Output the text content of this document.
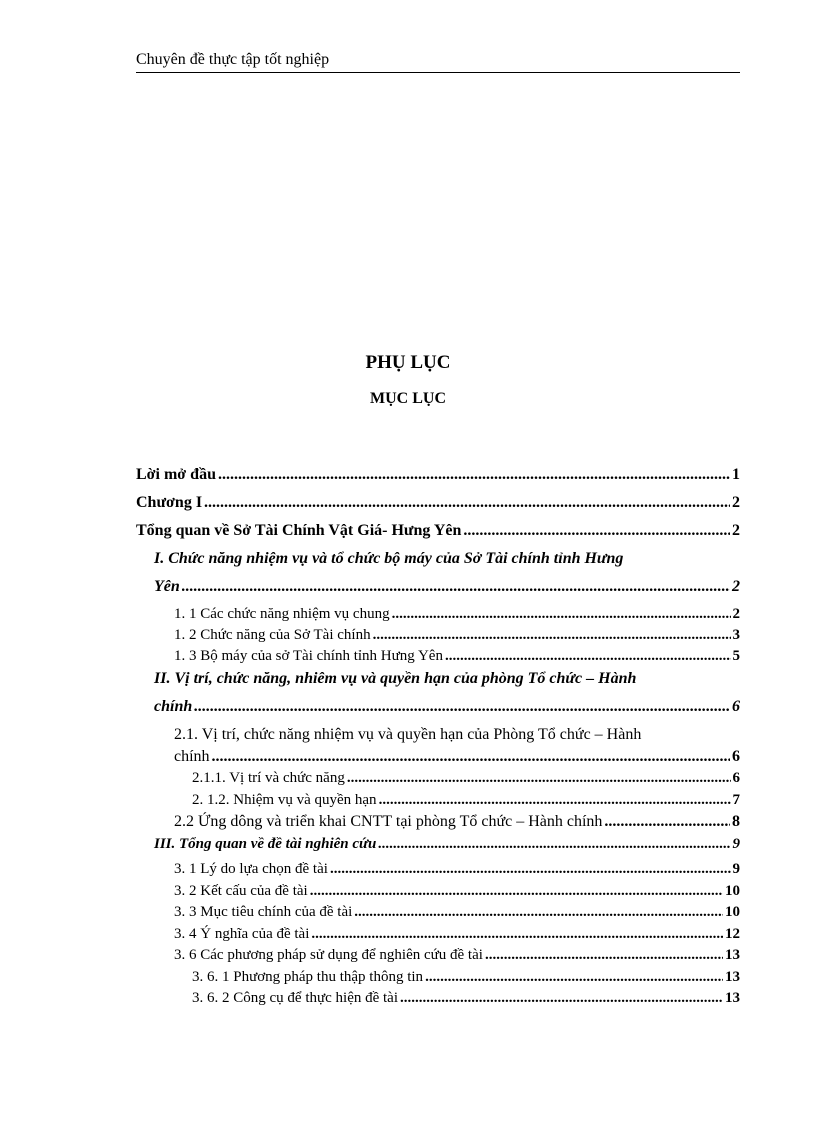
Chuyên đề thực tập tốt nghiệp
PHỤ LỤC
MỤC LỤC
Lời mở đầu .....	1
Chương I .....	2
Tổng quan về Sở Tài Chính Vật Giá- Hưng Yên .....	2
I. Chức năng nhiệm vụ và tổ chức bộ máy của Sở Tài chính tỉnh Hưng
Yên .....	2
1. 1 Các chức năng nhiệm vụ chung .....	2
1. 2 Chức năng của Sở Tài chính .....	3
1. 3 Bộ máy của sở Tài chính tỉnh Hưng Yên .....	5
II. Vị trí, chức năng, nhiêm vụ và quyền hạn của phòng Tổ chức – Hành
chính .....	6
2.1. Vị trí, chức năng nhiệm vụ và quyền hạn của Phòng Tổ chức – Hành
chính .....	6
2.1.1. Vị trí và chức năng .....	6
2. 1.2. Nhiệm vụ và quyền hạn .....	7
2.2 Ứng dông và triển khai CNTT tại phòng Tổ chức – Hành chính .....	8
III. Tổng quan về đề tài nghiên cứu .....	9
3. 1 Lý do lựa chọn đề tài .....	9
3. 2 Kết cấu của đề tài .....	10
3. 3 Mục tiêu chính của đề tài .....	10
3. 4 Ý nghĩa của đề tài .....	12
3. 6 Các phương pháp sử dụng để nghiên cứu đề tài .....	13
3. 6. 1 Phương pháp thu thập thông tin .....	13
3. 6. 2 Công cụ để thực hiện đề tài .....	13
